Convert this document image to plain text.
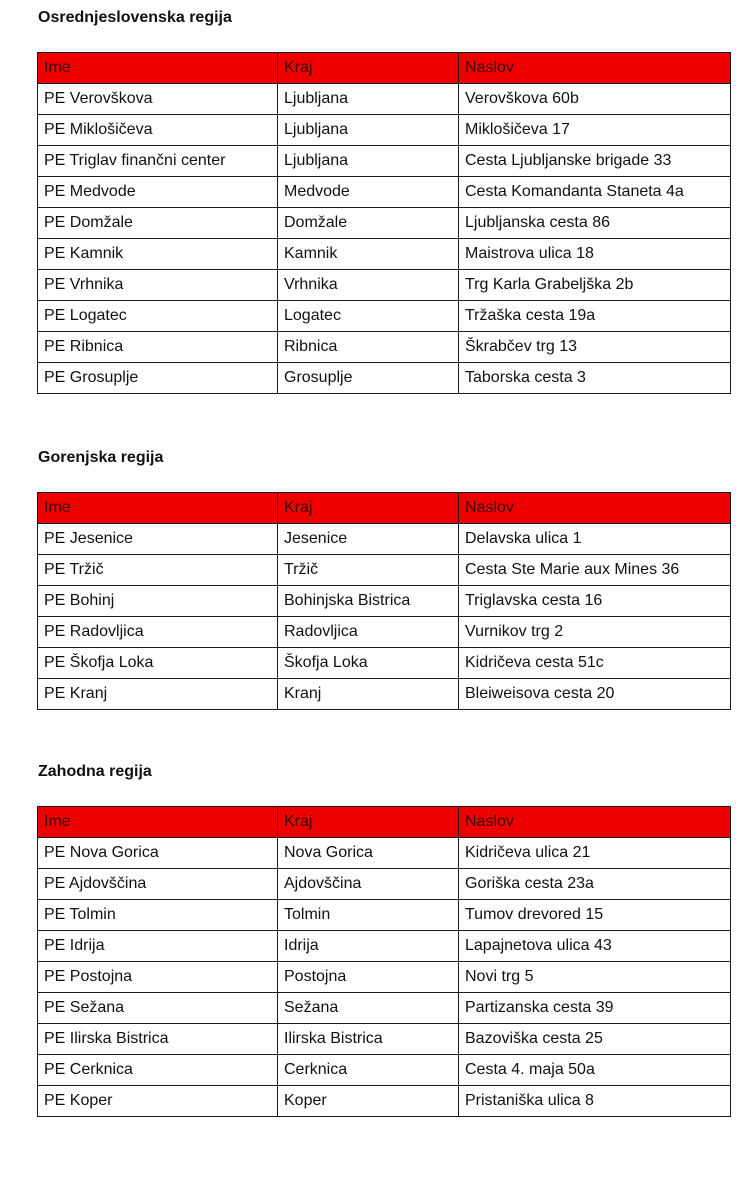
Osrednjeslovenska regija
Ime	Kraj	Naslov
PE Verovškova	Ljubljana	Verovškova 60b
PE Miklošičeva	Ljubljana	Miklošičeva 17
PE Triglav finančni center	Ljubljana	Cesta Ljubljanske brigade 33
PE Medvode	Medvode	Cesta Komandanta Staneta 4a
PE Domžale	Domžale	Ljubljanska cesta 86
PE Kamnik	Kamnik	Maistrova ulica 18
PE Vrhnika	Vrhnika	Trg Karla Grabeljška 2b
PE Logatec	Logatec	Tržaška cesta 19a
PE Ribnica	Ribnica	Škrabčev trg 13
PE Grosuplje	Grosuplje	Taborska cesta 3
Gorenjska regija
Ime	Kraj	Naslov
PE Jesenice	Jesenice	Delavska ulica 1
PE Tržič	Tržič	Cesta Ste Marie aux Mines 36
PE Bohinj	Bohinjska Bistrica	Triglavska cesta 16
PE Radovljica	Radovljica	Vurnikov trg 2
PE Škofja Loka	Škofja Loka	Kidričeva cesta 51c
PE Kranj	Kranj	Bleiweisova cesta 20
Zahodna regija
Ime	Kraj	Naslov
PE Nova Gorica	Nova Gorica	Kidričeva ulica 21
PE Ajdovščina	Ajdovščina	Goriška cesta 23a
PE Tolmin	Tolmin	Tumov drevored 15
PE Idrija	Idrija	Lapajnetova ulica 43
PE Postojna	Postojna	Novi trg 5
PE Sežana	Sežana	Partizanska cesta 39
PE Ilirska Bistrica	Ilirska Bistrica	Bazoviška cesta 25
PE Cerknica	Cerknica	Cesta 4. maja 50a
PE Koper	Koper	Pristaniška ulica 8
